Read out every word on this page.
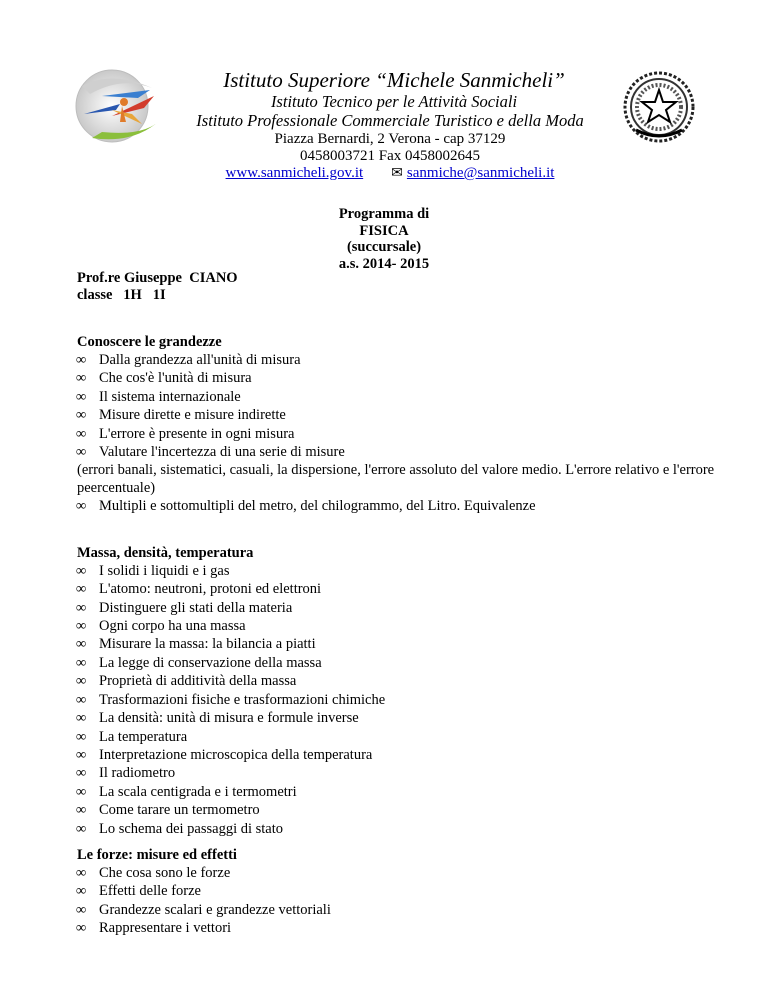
Istituto Superiore “Michele Sanmicheli”
Istituto Tecnico per le Attività Sociali
Istituto Professionale Commerciale Turistico e della Moda
Piazza Bernardi, 2 Verona - cap 37129
0458003721 Fax 0458002645
www.sanmicheli.gov.it ✉ sanmiche@sanmicheli.it
Programma di
FISICA
(succursale)
a.s. 2014- 2015
Prof.re Giuseppe  CIANO
classe   1H   1I
Conoscere le grandezze
∞ Dalla grandezza all'unità di misura
∞ Che cos'è l'unità di misura
∞ Il sistema internazionale
∞ Misure dirette e misure indirette
∞ L'errore è presente in ogni misura
∞ Valutare l'incertezza di una serie di misure
(errori banali, sistematici, casuali, la dispersione, l'errore assoluto del valore medio. L'errore relativo e l'errore peercentuale)
∞ Multipli e sottomultipli del metro, del chilogrammo, del Litro. Equivalenze
Massa, densità, temperatura
∞ I solidi i liquidi e i gas
∞ L'atomo: neutroni, protoni ed elettroni
∞ Distinguere gli stati della materia
∞ Ogni corpo ha una massa
∞ Misurare la massa: la bilancia a piatti
∞ La legge di conservazione della massa
∞ Proprietà di additività della massa
∞ Trasformazioni fisiche e trasformazioni chimiche
∞ La densità: unità di misura e formule inverse
∞ La temperatura
∞ Interpretazione microscopica della temperatura
∞ Il radiometro
∞ La scala centigrada e i termometri
∞ Come tarare un termometro
∞ Lo schema dei passaggi di stato
Le forze: misure ed effetti
∞ Che cosa sono le forze
∞ Effetti delle forze
∞ Grandezze scalari e grandezze vettoriali
∞ Rappresentare i vettori
